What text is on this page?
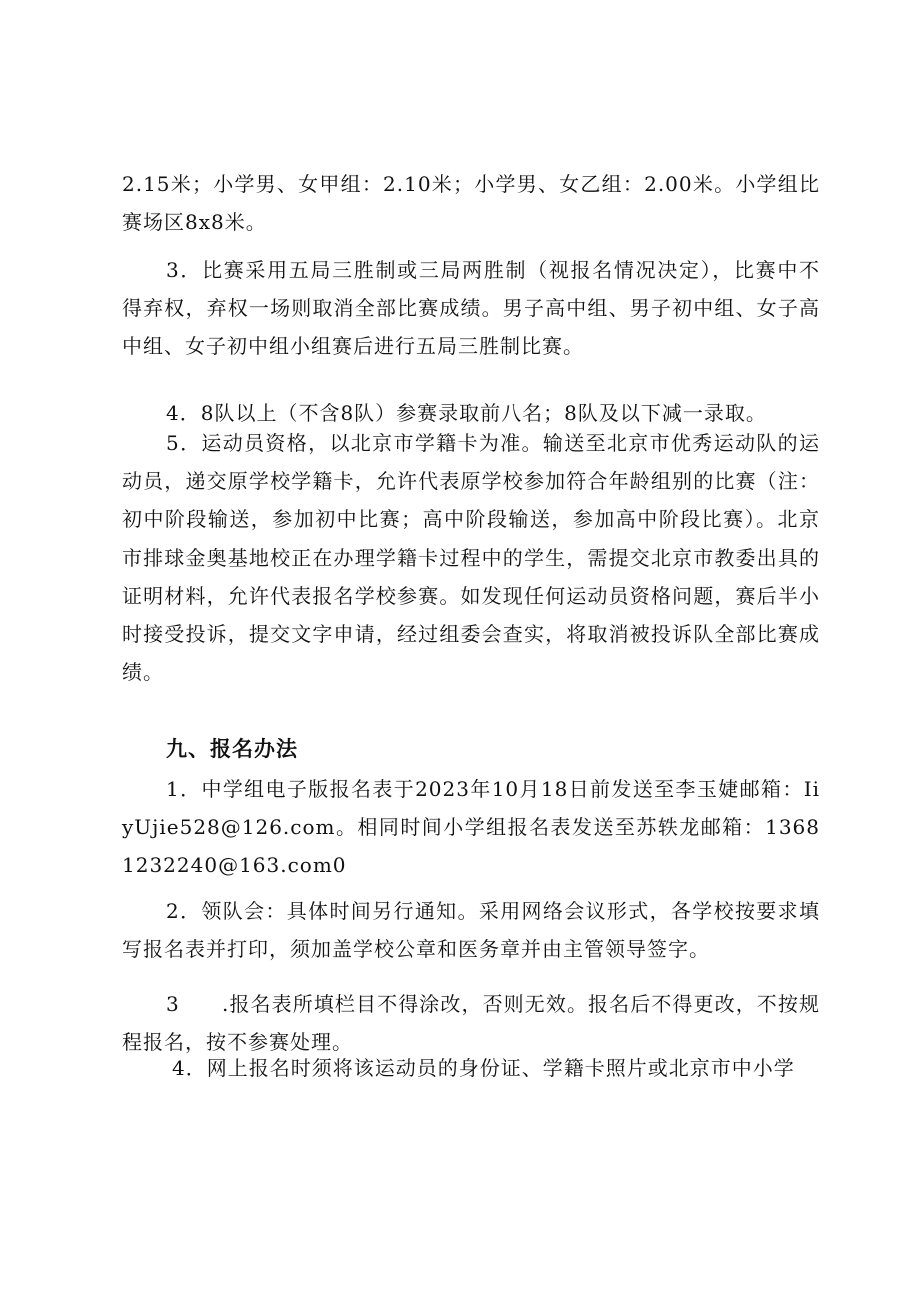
2.15米；小学男、女甲组：2.10米；小学男、女乙组：2.00米。小学组比赛场区8x8米。

3．比赛采用五局三胜制或三局两胜制（视报名情况决定），比赛中不得弃权，弃权一场则取消全部比赛成绩。男子高中组、男子初中组、女子高中组、女子初中组小组赛后进行五局三胜制比赛。

4．8队以上（不含8队）参赛录取前八名；8队及以下减一录取。

5．运动员资格，以北京市学籍卡为准。输送至北京市优秀运动队的运动员，递交原学校学籍卡，允许代表原学校参加符合年龄组别的比赛（注：初中阶段输送，参加初中比赛；高中阶段输送，参加高中阶段比赛）。北京市排球金奥基地校正在办理学籍卡过程中的学生，需提交北京市教委出具的证明材料，允许代表报名学校参赛。如发现任何运动员资格问题，赛后半小时接受投诉，提交文字申请，经过组委会查实，将取消被投诉队全部比赛成绩。

九、报名办法

1．中学组电子版报名表于2023年10月18日前发送至李玉婕邮箱：IiyUjie528@126.com。相同时间小学组报名表发送至苏轶龙邮箱：13681232240@163.com0

2．领队会：具体时间另行通知。采用网络会议形式，各学校按要求填写报名表并打印，须加盖学校公章和医务章并由主管领导签字。

3　　.报名表所填栏目不得涂改，否则无效。报名后不得更改，不按规程报名，按不参赛处理。

4．网上报名时须将该运动员的身份证、学籍卡照片或北京市中小学
